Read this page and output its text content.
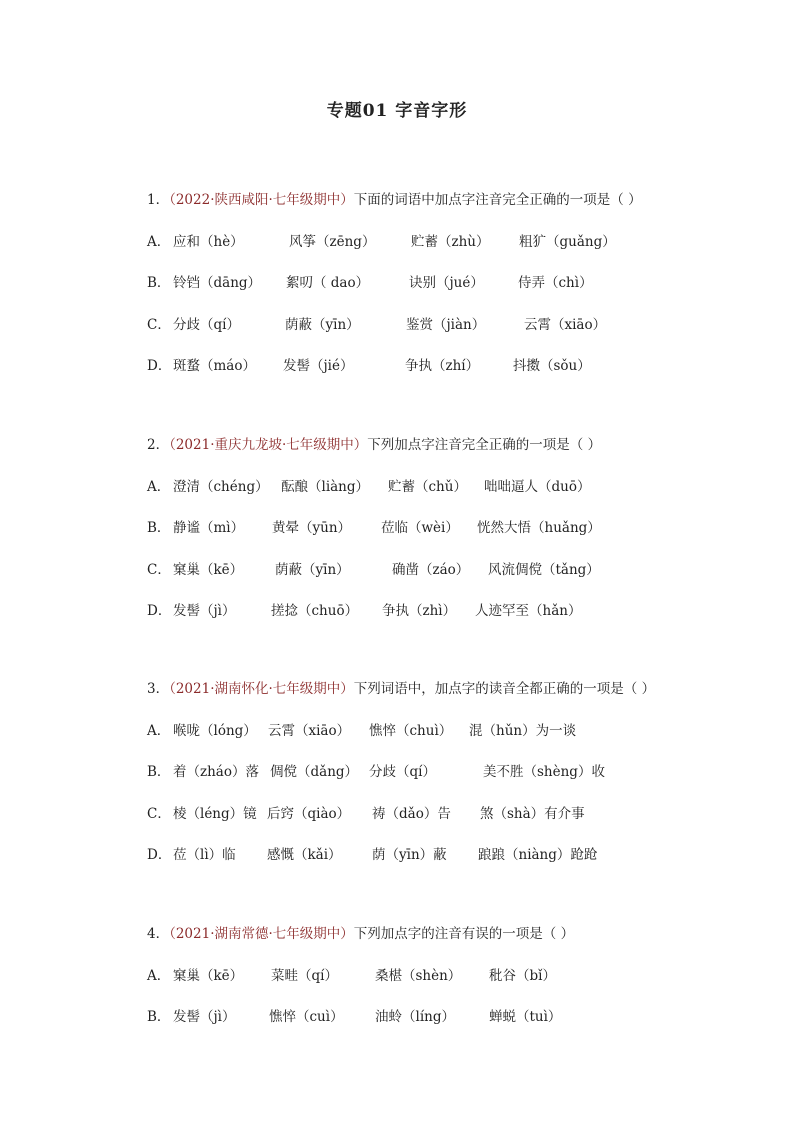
专题01 字音字形
1．（2022·陕西咸阳·七年级期中）下面的词语中加点字注音完全正确的一项是（ ）
A． 应和（hè）	风筝（zēng）	贮蓄（zhù） 粗犷（guǎng）
B． 铃铛（dāng） 絮叨（ dao）	诀别（jué）	侍弄（chì）
C． 分歧（qí）	荫蔽（yīn）	鉴赏（jiàn）	云霄（xiāo）
D． 斑蝥（máo） 发髻（jié）	争执（zhí）	抖擞（sǒu）
2．（2021·重庆九龙坡·七年级期中）下列加点字注音完全正确的一项是（ ）
A． 澄清（chéng） 酝酿（liàng） 贮蓄（chǔ） 咄咄逼人（duō）
B． 静谧（mì） 黄晕（yūn） 莅临（wèi） 恍然大悟（huǎng）
C． 窠巢（kē） 荫蔽（yīn）	确凿（záo） 风流倜傥（tǎng）
D． 发髻（jì）	搓捻（chuō） 争执（zhì） 人迹罕至（hǎn）
3．（2021·湖南怀化·七年级期中）下列词语中，加点字的读音全都正确的一项是（ ）
A． 喉咙（lóng） 云霄（xiāo） 憔悴（chuì） 混（hǔn）为一谈
B． 着（zháo）落 倜傥（dǎng） 分歧（qí）	美不胜（shèng）收
C． 棱（léng）镜 后窍（qiào） 祷（dǎo）告 煞（shà）有介事
D． 莅（lì）临 感慨（kǎi） 荫（yīn）蔽 踉踉（niàng）跄跄
4．（2021·湖南常德·七年级期中）下列加点字的注音有误的一项是（ ）
A． 窠巢（kē） 菜畦（qí）	桑椹（shèn） 秕谷（bǐ）
B． 发髻（jì） 憔悴（cuì） 油蛉（líng）	蝉蜕（tuì）
